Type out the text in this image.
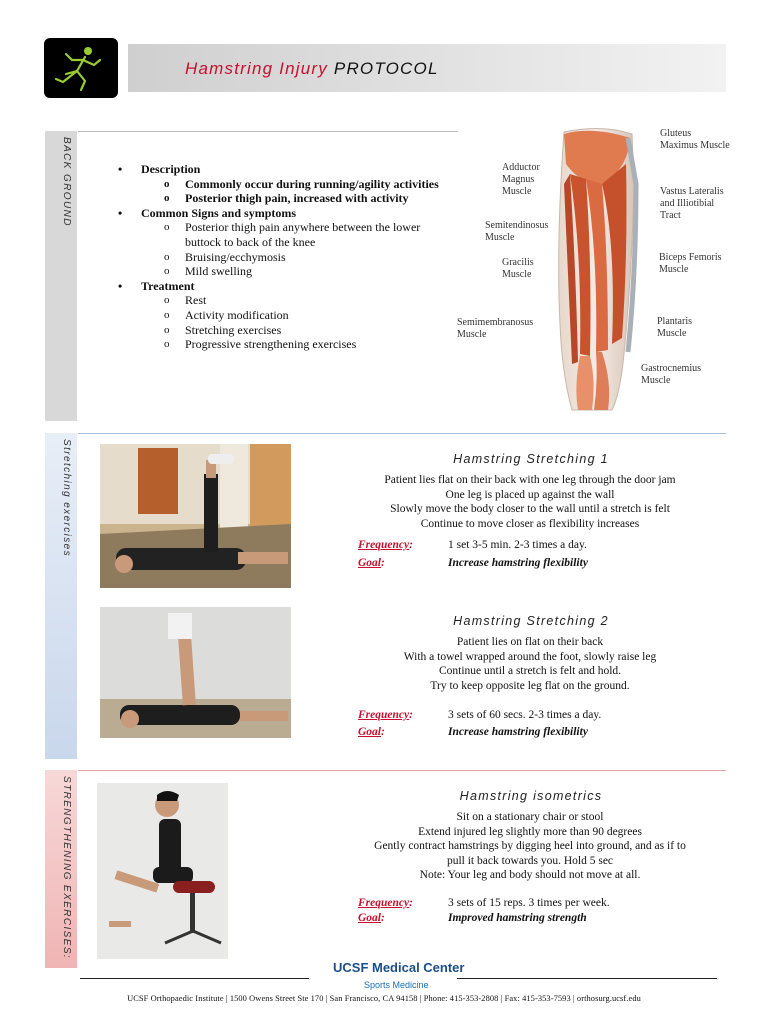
Hamstring Injury PROTOCOL
BACK GROUND
Stretching exercises
STRENGTHENING EXERCISES:
• Description
o Commonly occur during running/agility activities
o Posterior thigh pain, increased with activity
• Common Signs and symptoms
o Posterior thigh pain anywhere between the lower buttock to back of the knee
o Bruising/ecchymosis
o Mild swelling
• Treatment
o Rest
o Activity modification
o Stretching exercises
o Progressive strengthening exercises
Gluteus Maximus Muscle
Adductor Magnus Muscle	Vastus Lateralis and Illiotibial Tract
Semitendinosus Muscle
Gracilis Muscle
Biceps Femoris Muscle
Semimembranosus Muscle
Plantaris Muscle
Gastrocnemius Muscle
Hamstring Stretching 1
Patient lies flat on their back with one leg through the door jam
One leg is placed up against the wall
Slowly move the body closer to the wall until a stretch is felt
Continue to move closer as flexibility increases
Frequency:	1 set 3-5 min. 2-3 times a day.
Goal:	Increase hamstring flexibility
Hamstring Stretching 2
Patient lies on flat on their back
With a towel wrapped around the foot, slowly raise leg
Continue until a stretch is felt and hold.
Try to keep opposite leg flat on the ground.
Frequency:	3 sets of 60 secs. 2-3 times a day.
Goal:	Increase hamstring flexibility
Hamstring isometrics
Sit on a stationary chair or stool
Extend injured leg slightly more than 90 degrees
Gently contract hamstrings by digging heel into ground, and as if to
pull it back towards you. Hold 5 sec
Note: Your leg and body should not move at all.
Frequency:	3 sets of 15 reps. 3 times per week.
Goal:	Improved hamstring strength
UCSF Medical Center
Sports Medicine
UCSF Orthopaedic Institute | 1500 Owens Street Ste 170 | San Francisco, CA 94158 | Phone: 415-353-2808 | Fax: 415-353-7593 | orthosurg.ucsf.edu
